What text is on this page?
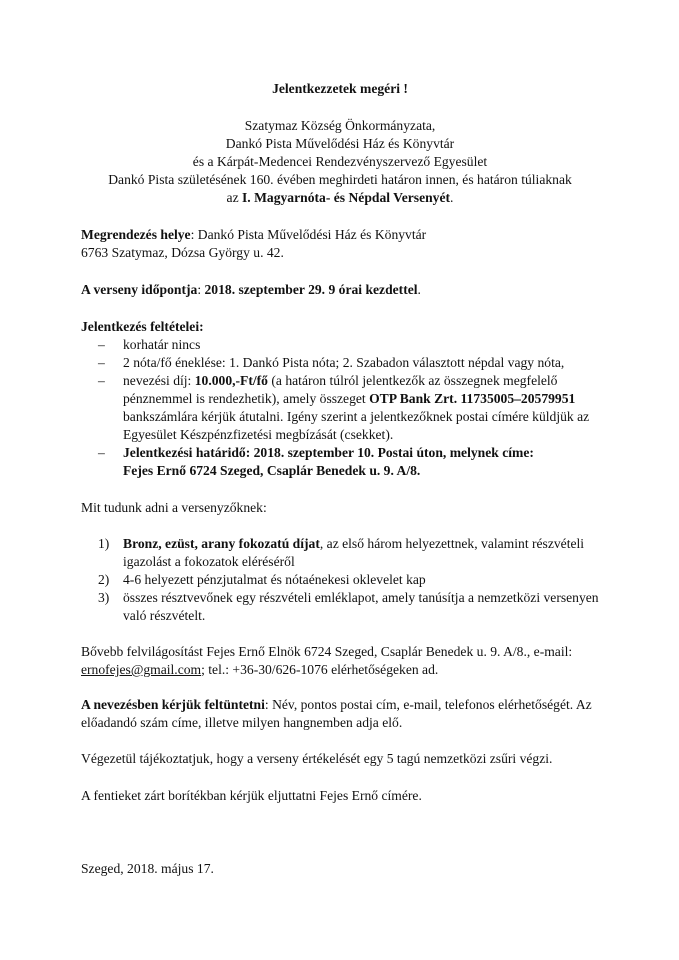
Jelentkezzetek megéri !

Szatymaz Község Önkormányzata,
Dankó Pista Művelődési Ház és Könyvtár
és a Kárpát-Medencei Rendezvényszervező Egyesület
Dankó Pista születésének 160. évében meghirdeti határon innen, és határon túliaknak
az I. Magyarnóta- és Népdal Versenyét.
Megrendezés helye: Dankó Pista Művelődési Ház és Könyvtár
6763 Szatymaz, Dózsa György u. 42.

A verseny időpontja: 2018. szeptember 29. 9 órai kezdettel.

Jelentkezés feltételei:

– korhatár nincs
– 2 nóta/fő éneklése: 1. Dankó Pista nóta; 2. Szabadon választott népdal vagy nóta,
– nevezési díj: 10.000,-Ft/fő (a határon túlról jelentkezők az összegnek megfelelő pénznemmel is rendezhetik), amely összeget OTP Bank Zrt. 11735005–20579951 bankszámlára kérjük átutalni. Igény szerint a jelentkezőknek postai címére küldjük az Egyesület Készpénzfizetési megbízását (csekket).
– Jelentkezési határidő: 2018. szeptember 10. Postai úton, melynek címe:
Fejes Ernő 6724 Szeged, Csaplár Benedek u. 9. A/8.

Mit tudunk adni a versenyzőknek:

1) Bronz, ezüst, arany fokozatú díjat, az első három helyezettnek, valamint részvételi igazolást a fokozatok eléréséről
2) 4-6 helyezett pénzjutalmat és nótaénekesi oklevelet kap
3) összes résztvevőnek egy részvételi emléklapot, amely tanúsítja a nemzetközi versenyen való részvételt.

Bővebb felvilágosítást Fejes Ernő Elnök 6724 Szeged, Csaplár Benedek u. 9. A/8., e-mail: ernofejes@gmail.com; tel.: +36-30/626-1076 elérhetőségeken ad.

A nevezésben kérjük feltüntetni: Név, pontos postai cím, e-mail, telefonos elérhetőségét. Az előadandó szám címe, illetve milyen hangnemben adja elő.

Végezetül tájékoztatjuk, hogy a verseny értékelését egy 5 tagú nemzetközi zsűri végzi.

A fentieket zárt borítékban kérjük eljuttatni Fejes Ernő címére.

Szeged, 2018. május 17.
